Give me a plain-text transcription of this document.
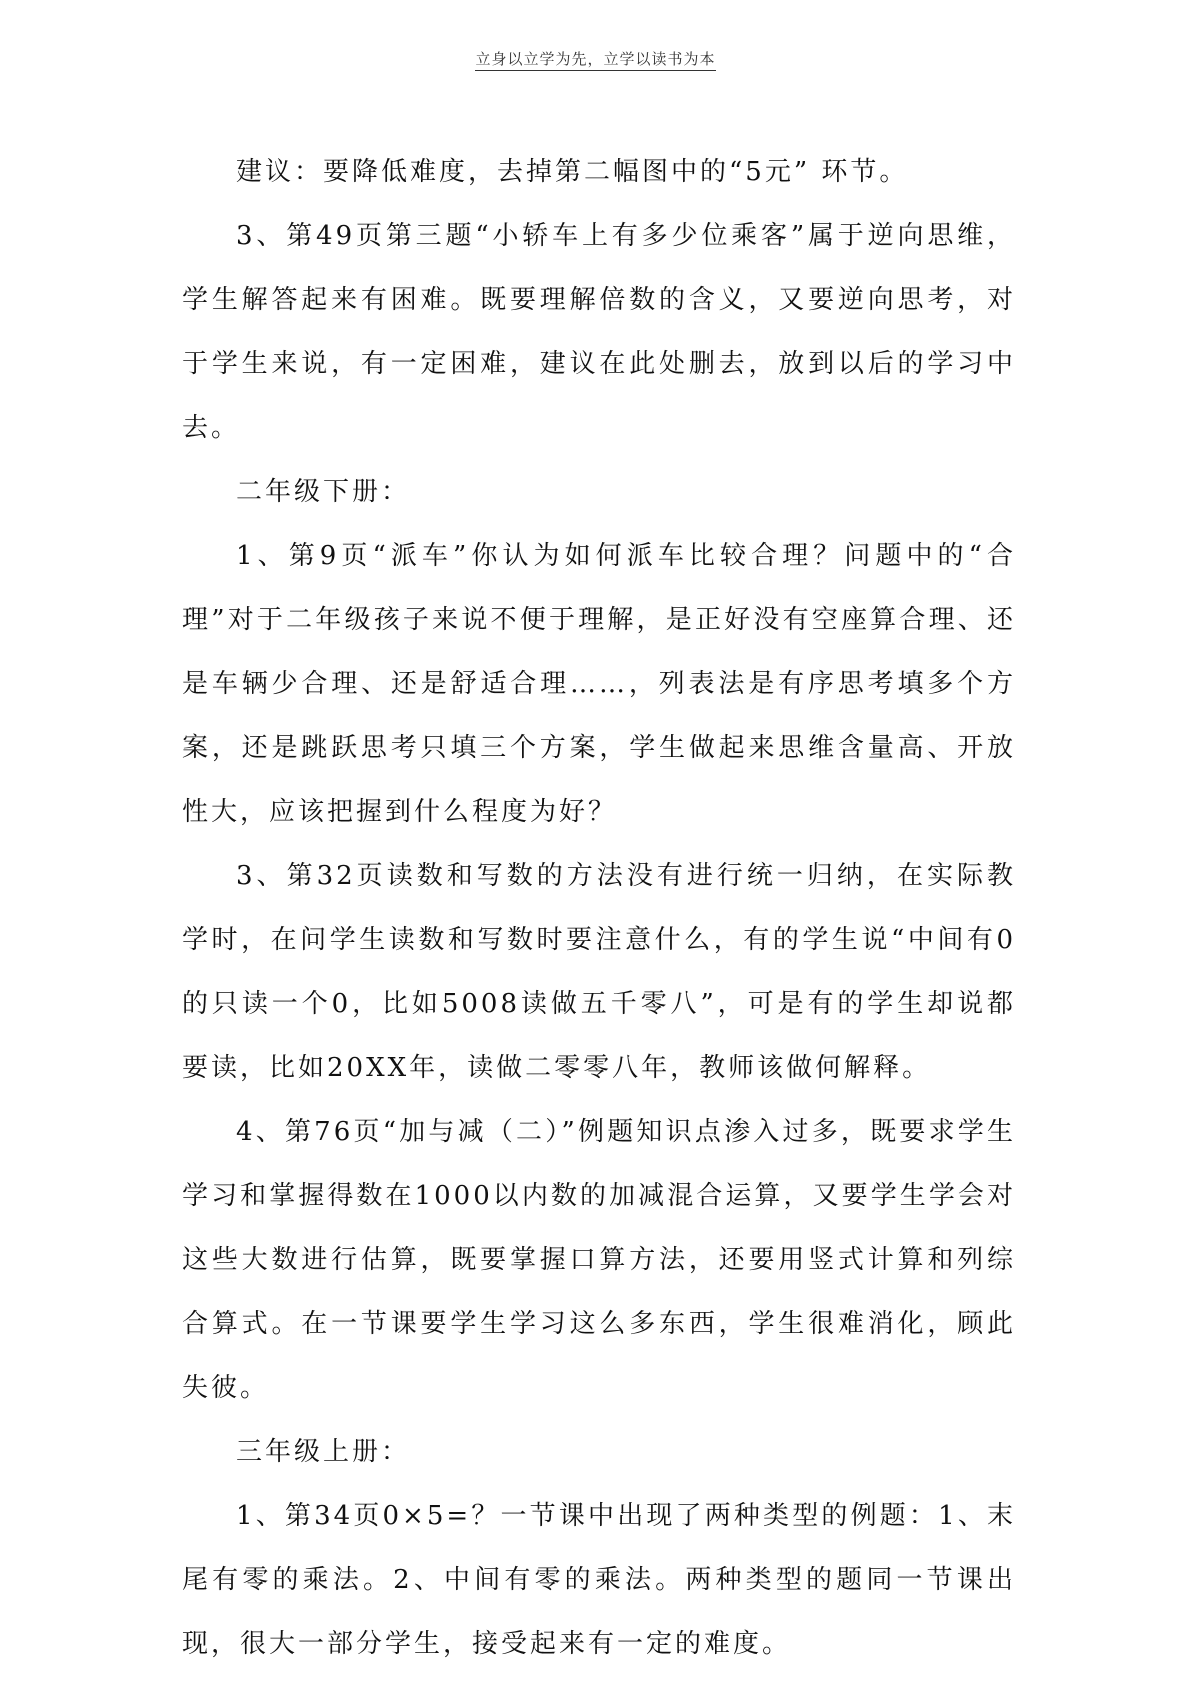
立身以立学为先，立学以读书为本

建议：要降低难度，去掉第二幅图中的“5元” 环节。

3、第49页第三题“小轿车上有多少位乘客”属于逆向思维，学生解答起来有困难。既要理解倍数的含义，又要逆向思考，对于学生来说，有一定困难，建议在此处删去，放到以后的学习中去。

二年级下册：

1、第9页“派车”你认为如何派车比较合理？问题中的“合理”对于二年级孩子来说不便于理解，是正好没有空座算合理、还是车辆少合理、还是舒适合理……，列表法是有序思考填多个方案，还是跳跃思考只填三个方案，学生做起来思维含量高、开放性大，应该把握到什么程度为好？

3、第32页读数和写数的方法没有进行统一归纳，在实际教学时，在问学生读数和写数时要注意什么，有的学生说“中间有0的只读一个0，比如5008读做五千零八”，可是有的学生却说都要读，比如20XX年，读做二零零八年，教师该做何解释。

4、第76页“加与减（二）”例题知识点渗入过多，既要求学生学习和掌握得数在1000以内数的加减混合运算，又要学生学会对这些大数进行估算，既要掌握口算方法，还要用竖式计算和列综合算式。在一节课要学生学习这么多东西，学生很难消化，顾此失彼。

三年级上册：

1、第34页0×5=？一节课中出现了两种类型的例题：1、末尾有零的乘法。2、中间有零的乘法。两种类型的题同一节课出现，很大一部分学生，接受起来有一定的难度。
